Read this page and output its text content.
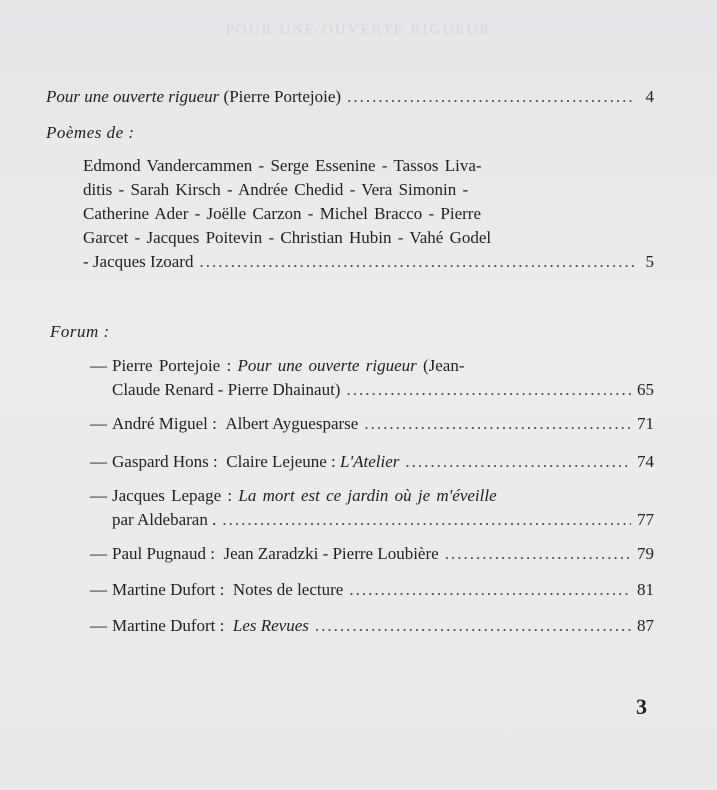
POUR UNE OUVERTE RIGUEUR
Pour une ouverte rigueur
(Pierre Portejoie) .....	4
Poèmes de :
Edmond Vandercammen - Serge Essenine - Tassos Liva-
ditis - Sarah Kirsch - Andrée Chedid - Vera Simonin -
Catherine Ader - Joëlle Carzon - Michel Bracco - Pierre
Garcet - Jacques Poitevin - Christian Hubin - Vahé Godel
- Jacques Izoard .....	5
Forum :
— Pierre Portejoie : Pour une ouverte rigueur (Jean-
Claude Renard - Pierre Dhainaut) .....	65
— André Miguel :
Albert Ayguesparse .....	71
— Gaspard Hons :
Claire Lejeune :
L'Atelier .....	74
— Jacques Lepage : La mort est ce jardin où je m'éveille
par Aldebaran . .....	77
— Paul Pugnaud :
Jean Zaradzki - Pierre Loubière .....	79
— Martine Dufort :
Notes de lecture .....	81
— Martine Dufort :
Les Revues .....	87
3
